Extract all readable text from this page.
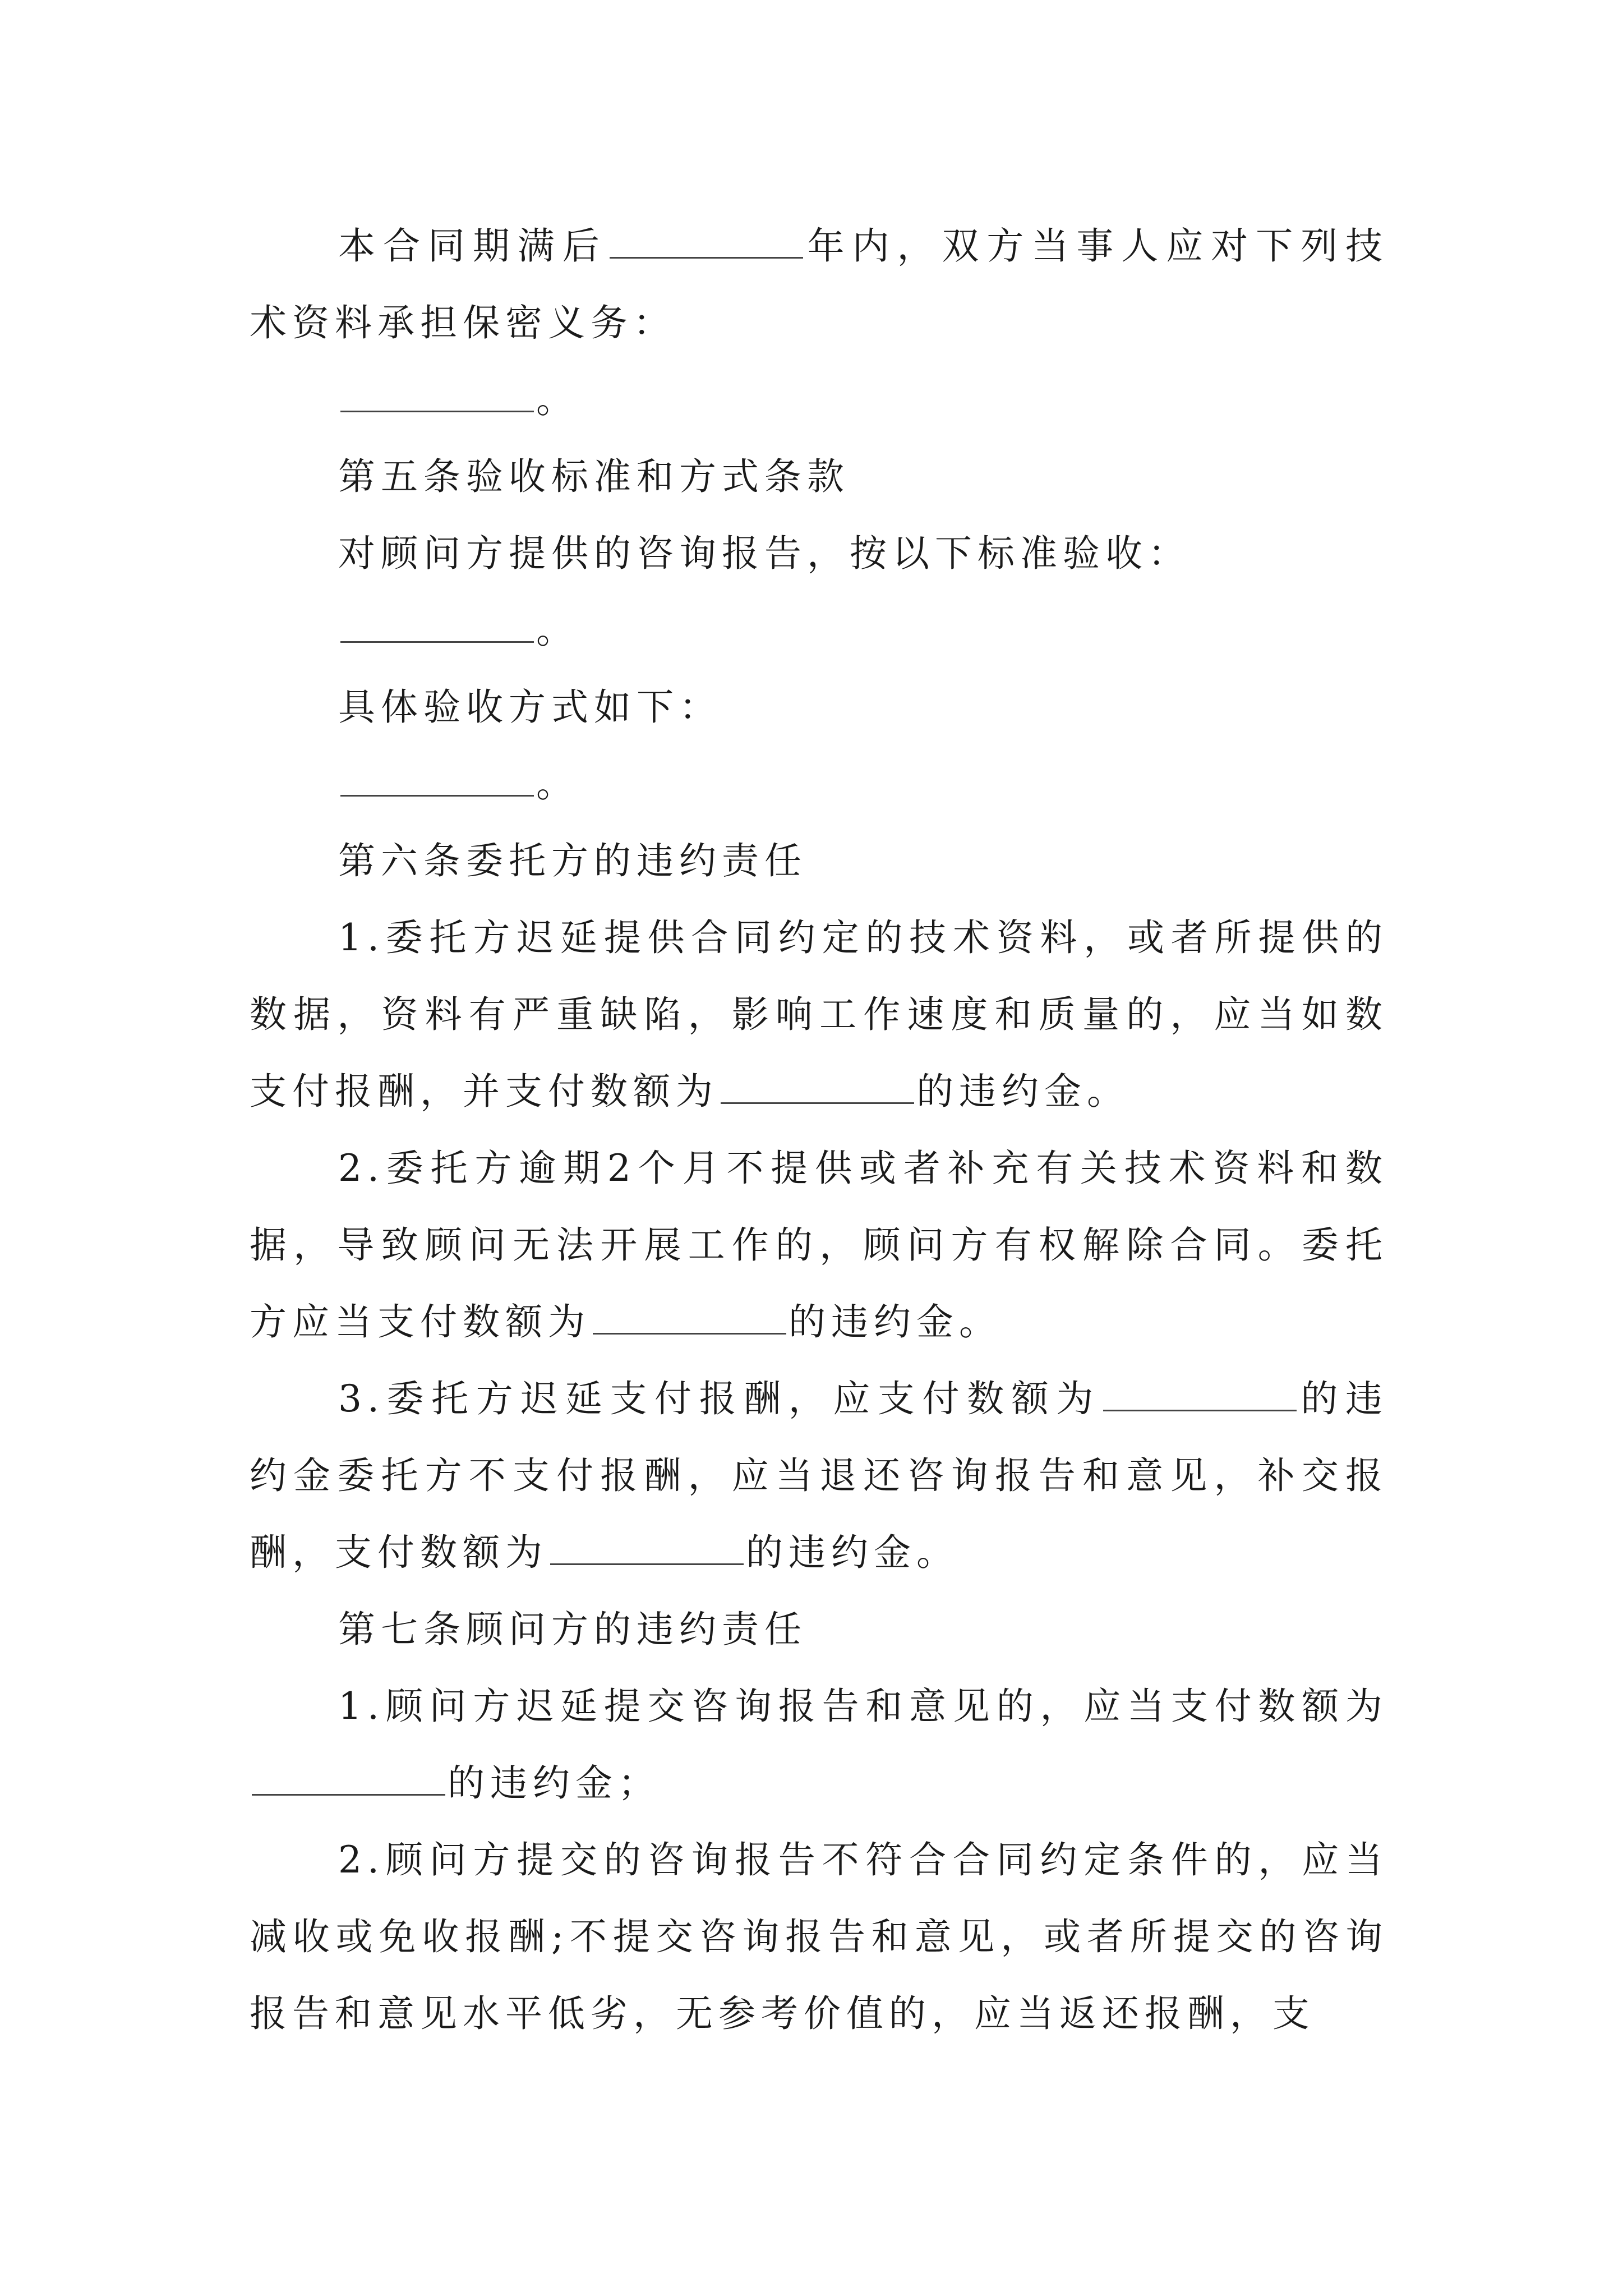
本合同期满后	年内，双方当事人应对下列技术资料承担保密义务：

。

第五条验收标准和方式条款

对顾问方提供的咨询报告，按以下标准验收：

。

具体验收方式如下：

。

第六条委托方的违约责任

1.委托方迟延提供合同约定的技术资料，或者所提供的数据，资料有严重缺陷，影响工作速度和质量的，应当如数支付报酬，并支付数额为	的违约金。

2.委托方逾期2个月不提供或者补充有关技术资料和数据，导致顾问无法开展工作的，顾问方有权解除合同。委托方应当支付数额为	的违约金。

3.委托方迟延支付报酬，应支付数额为	的违约金委托方不支付报酬，应当退还咨询报告和意见，补交报酬，支付数额为	的违约金。

第七条顾问方的违约责任

1.顾问方迟延提交咨询报告和意见的，应当支付数额为的违约金；

2.顾问方提交的咨询报告不符合合同约定条件的，应当减收或免收报酬;不提交咨询报告和意见，或者所提交的咨询报告和意见水平低劣，无参考价值的，应当返还报酬，支
